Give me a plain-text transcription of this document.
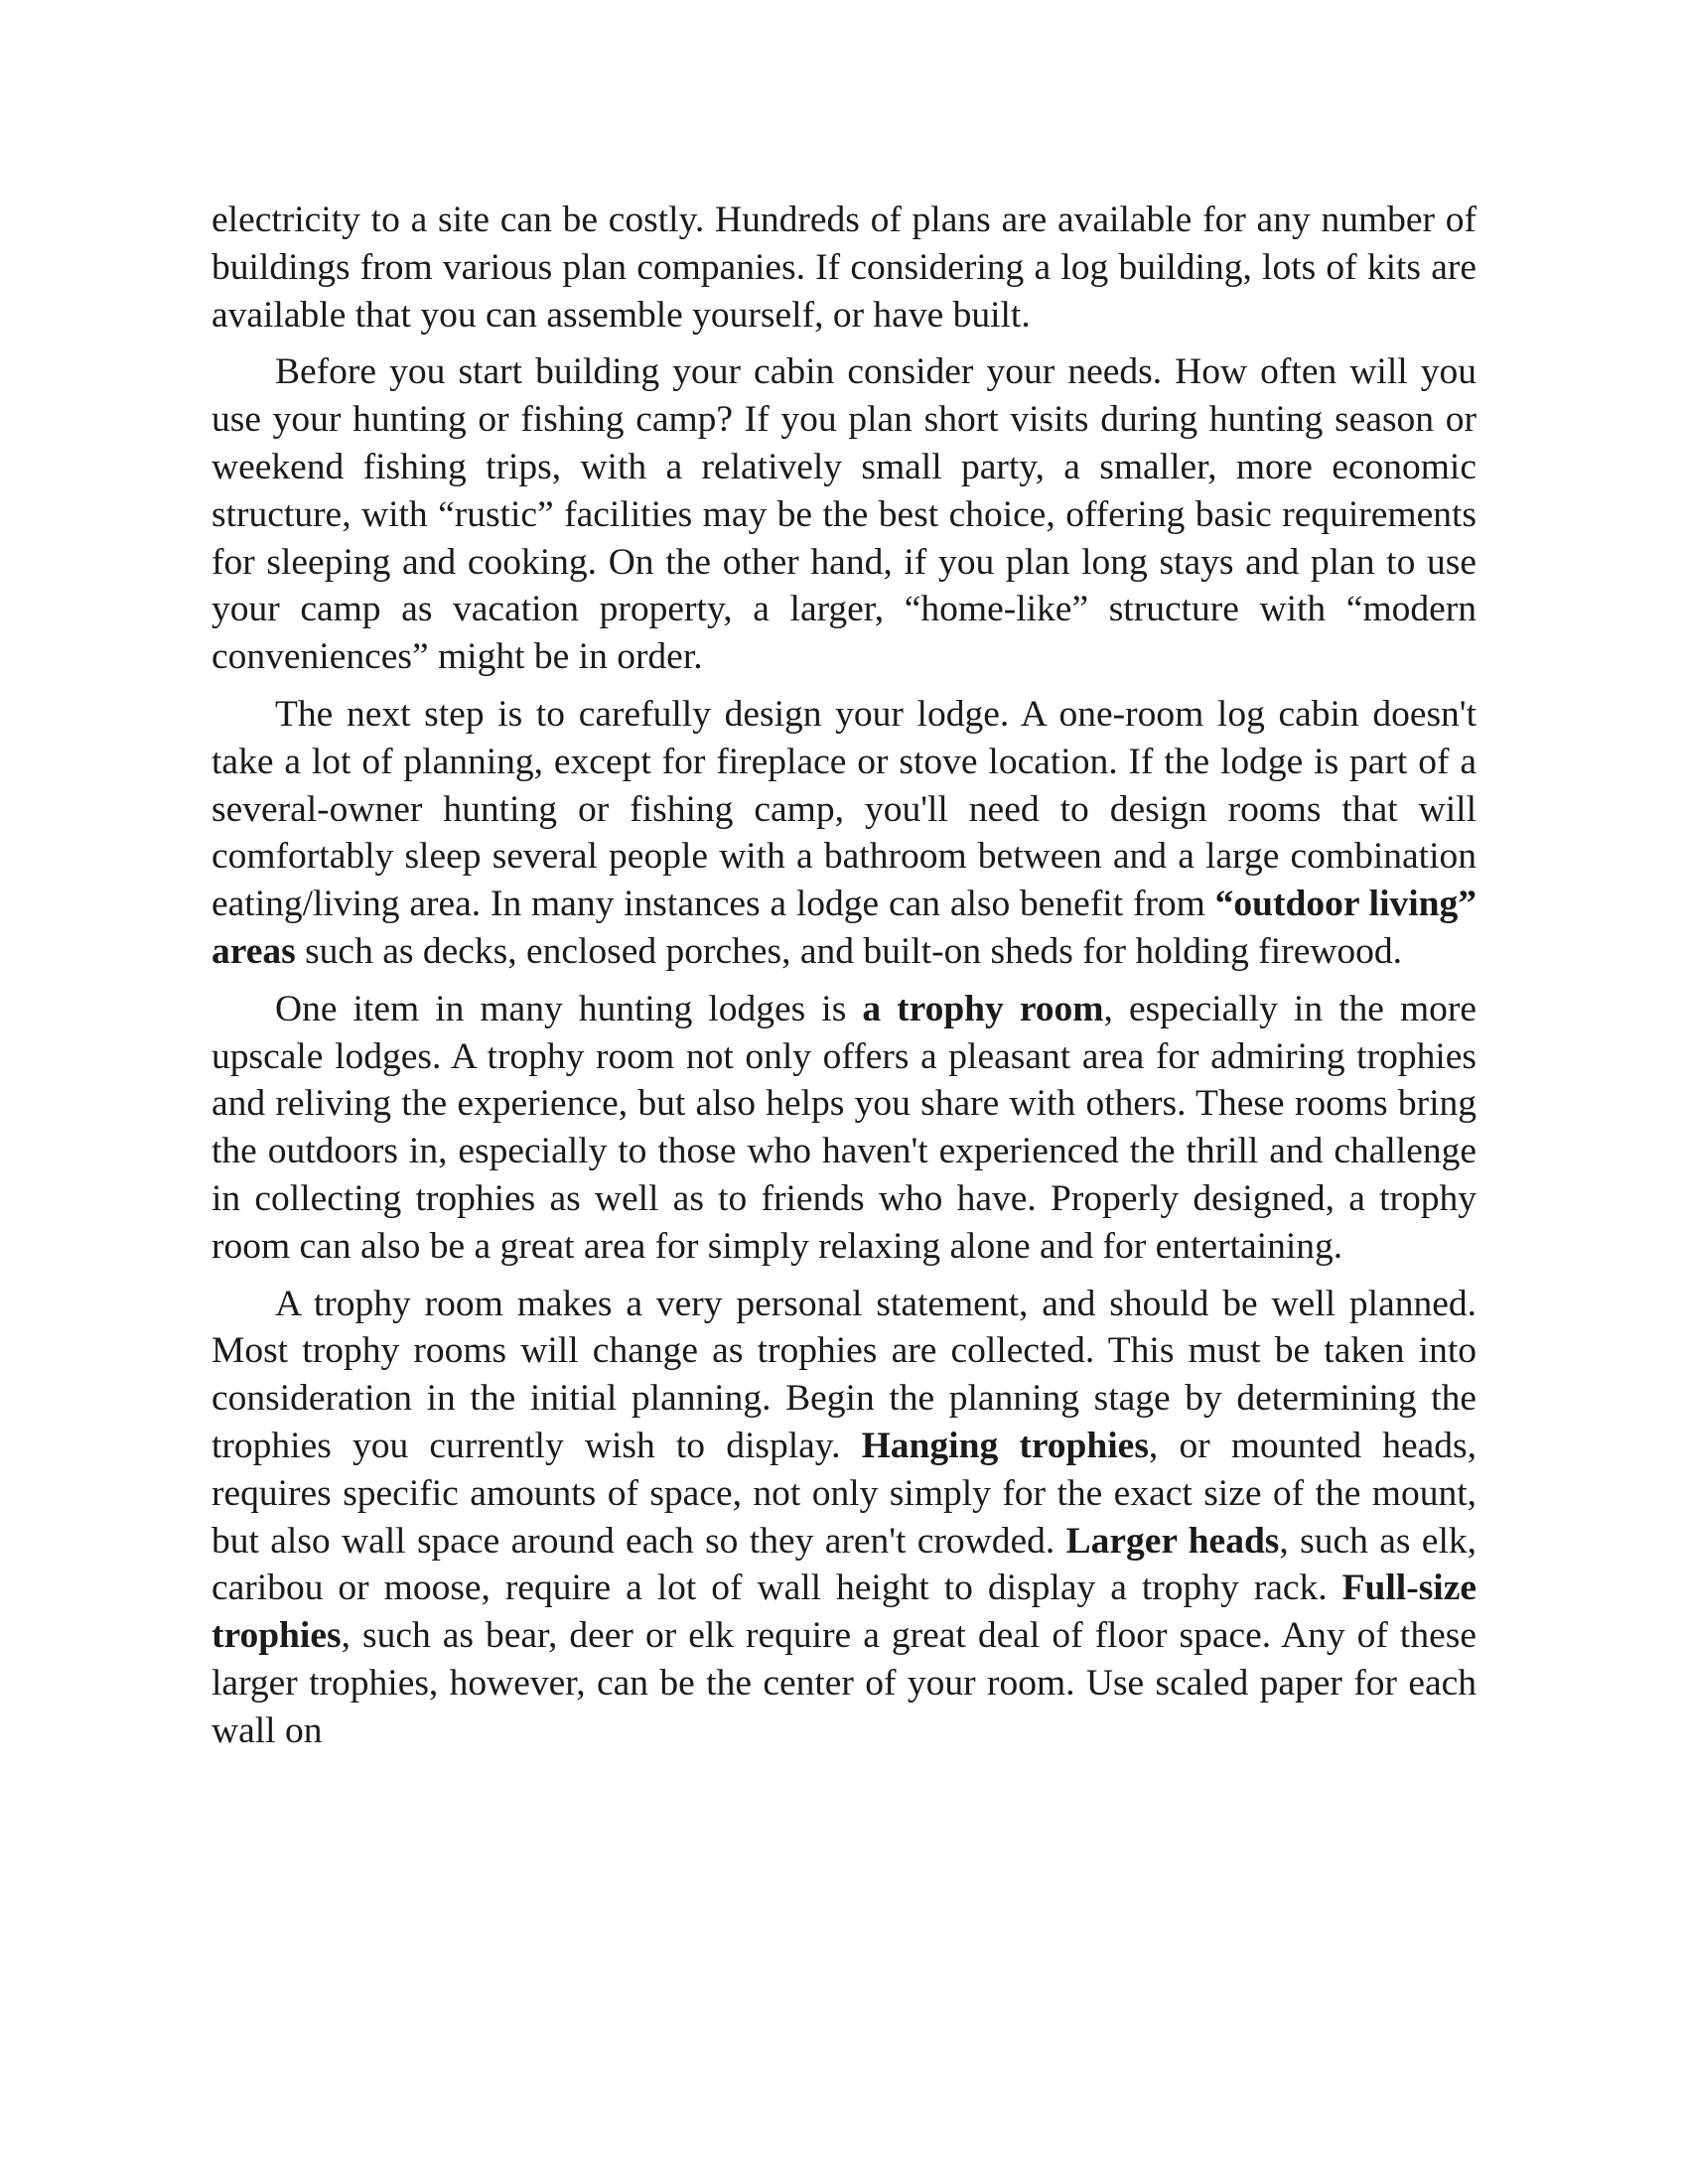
electricity to a site can be costly. Hundreds of plans are available for any number of buildings from various plan companies. If considering a log building, lots of kits are available that you can assemble yourself, or have built.

Before you start building your cabin consider your needs. How often will you use your hunting or fishing camp? If you plan short visits during hunting season or weekend fishing trips, with a relatively small party, a smaller, more economic structure, with “rustic” facilities may be the best choice, offering basic requirements for sleeping and cooking. On the other hand, if you plan long stays and plan to use your camp as vacation property, a larger, “home-like” structure with “modern conveniences” might be in order.

The next step is to carefully design your lodge. A one-room log cabin doesn't take a lot of planning, except for fireplace or stove location. If the lodge is part of a several-owner hunting or fishing camp, you'll need to design rooms that will comfortably sleep several people with a bathroom between and a large combination eating/living area. In many instances a lodge can also benefit from “outdoor living” areas such as decks, enclosed porches, and built-on sheds for holding firewood.

One item in many hunting lodges is a trophy room, especially in the more upscale lodges. A trophy room not only offers a pleasant area for admiring trophies and reliving the experience, but also helps you share with others. These rooms bring the outdoors in, especially to those who haven't experienced the thrill and challenge in collecting trophies as well as to friends who have. Properly designed, a trophy room can also be a great area for simply relaxing alone and for entertaining.

A trophy room makes a very personal statement, and should be well planned. Most trophy rooms will change as trophies are collected. This must be taken into consideration in the initial planning. Begin the planning stage by determining the trophies you currently wish to display. Hanging trophies, or mounted heads, requires specific amounts of space, not only simply for the exact size of the mount, but also wall space around each so they aren't crowded. Larger heads, such as elk, caribou or moose, require a lot of wall height to display a trophy rack. Full-size trophies, such as bear, deer or elk require a great deal of floor space. Any of these larger trophies, however, can be the center of your room. Use scaled paper for each wall on
